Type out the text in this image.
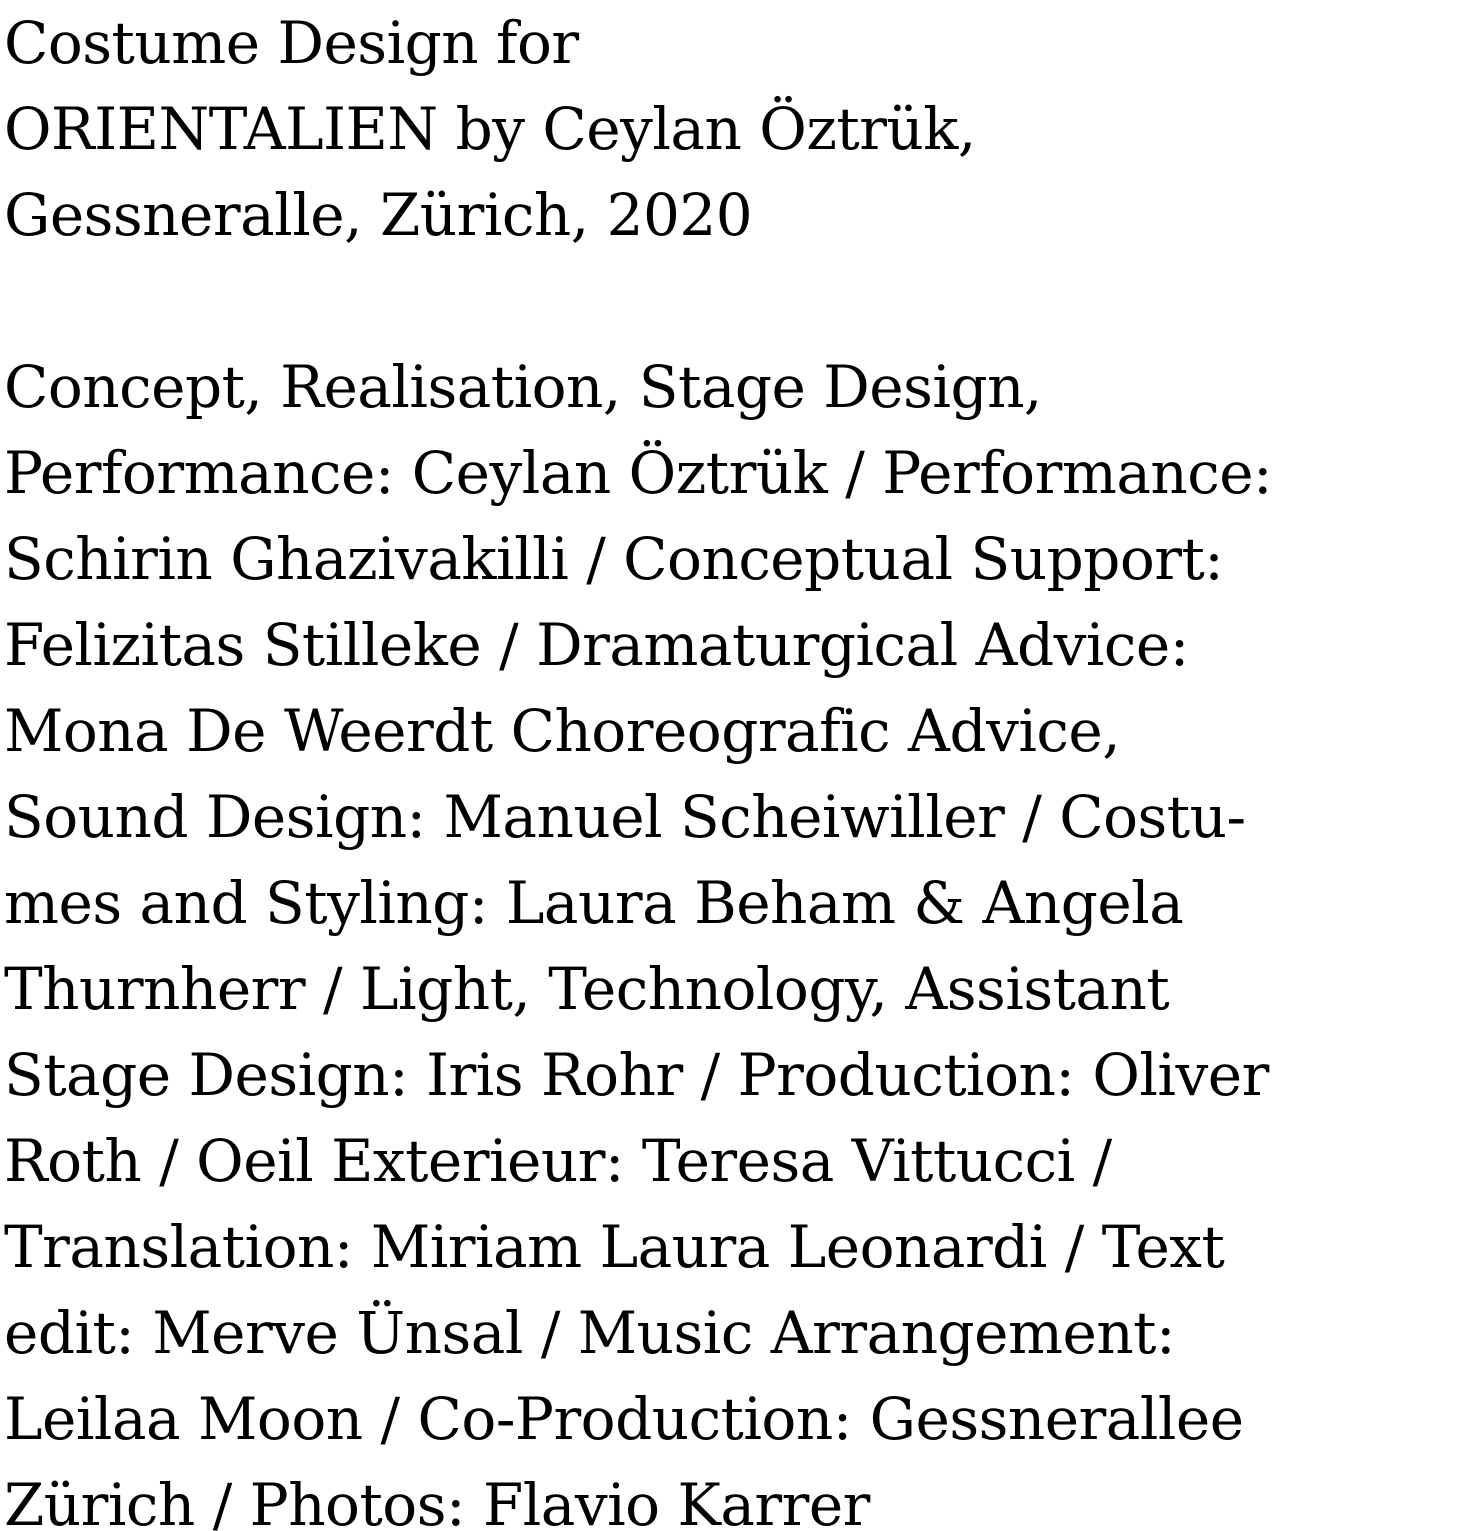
Costume Design for
ORIENTALIEN by Ceylan Öztrük,
Gessneralle, Zürich, 2020
Concept, Realisation, Stage Design,
Performance: Ceylan Öztrük / Performance:
Schirin Ghazivakilli / Conceptual Support:
Felizitas Stilleke / Dramaturgical Advice:
Mona De Weerdt Choreografic Advice,
Sound Design: Manuel Scheiwiller / Costu-
mes and Styling: Laura Beham & Angela
Thurnherr / Light, Technology, Assistant
Stage Design: Iris Rohr / Production: Oliver
Roth / Oeil Exterieur: Teresa Vittucci /
Translation: Miriam Laura Leonardi / Text
edit: Merve Ünsal / Music Arrangement:
Leilaa Moon / Co-Production: Gessnerallee
Zürich / Photos: Flavio Karrer
